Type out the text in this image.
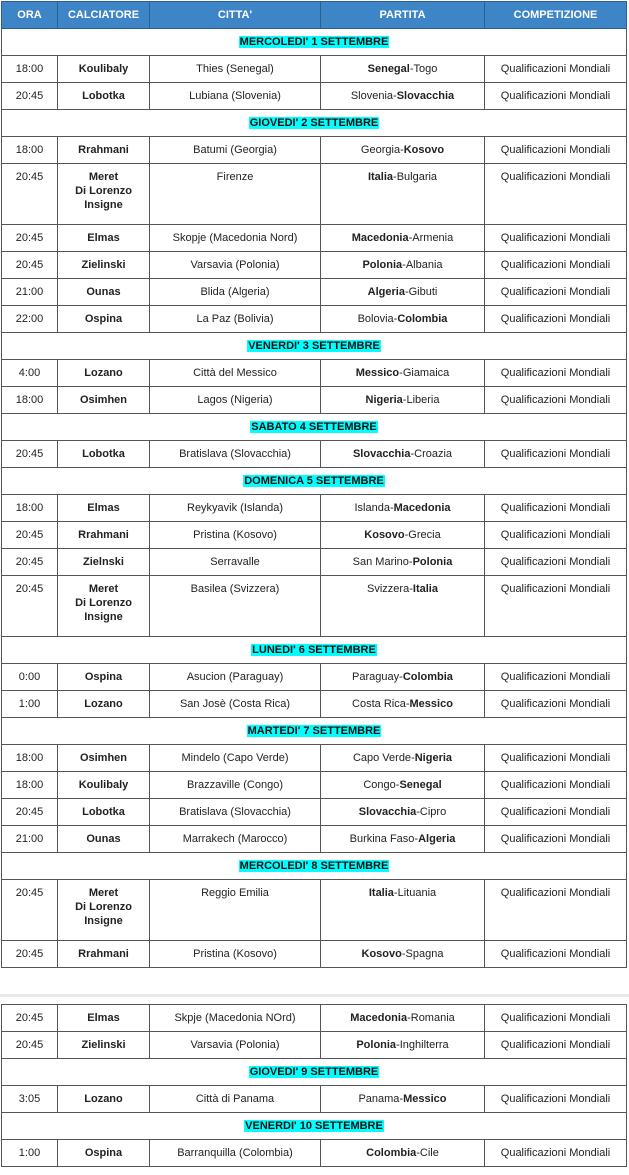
ORA	CALCIATORE	CITTA'	PARTITA	COMPETIZIONE
MERCOLEDI' 1 SETTEMBRE				
18:00	Koulibaly	Thies (Senegal)	Senegal-Togo	Qualificazioni Mondiali
20:45	Lobotka	Lubiana (Slovenia)	Slovenia-Slovacchia	Qualificazioni Mondiali
GIOVEDI' 2 SETTEMBRE				
18:00	Rrahmani	Batumi (Georgia)	Georgia-Kosovo	Qualificazioni Mondiali
20:45	Meret
Di Lorenzo
Insigne	Firenze	Italia-Bulgaria	Qualificazioni Mondiali
20:45	Elmas	Skopje (Macedonia Nord)	Macedonia-Armenia	Qualificazioni Mondiali
20:45	Zielinski	Varsavia (Polonia)	Polonia-Albania	Qualificazioni Mondiali
21:00	Ounas	Blida (Algeria)	Algeria-Gibuti	Qualificazioni Mondiali
22:00	Ospina	La Paz (Bolivia)	Bolovia-Colombia	Qualificazioni Mondiali
VENERDI' 3 SETTEMBRE				
4:00	Lozano	Città del Messico	Messico-Giamaica	Qualificazioni Mondiali
18:00	Osimhen	Lagos (Nigeria)	Nigeria-Liberia	Qualificazioni Mondiali
SABATO 4 SETTEMBRE				
20:45	Lobotka	Bratislava (Slovacchia)	Slovacchia-Croazia	Qualificazioni Mondiali
DOMENICA 5 SETTEMBRE				
18:00	Elmas	Reykyavik (Islanda)	Islanda-Macedonia	Qualificazioni Mondiali
20:45	Rrahmani	Pristina (Kosovo)	Kosovo-Grecia	Qualificazioni Mondiali
20:45	Zielnski	Serravalle	San Marino-Polonia	Qualificazioni Mondiali
20:45	Meret
Di Lorenzo
Insigne	Basilea (Svizzera)	Svizzera-Italia	Qualificazioni Mondiali
LUNEDI' 6 SETTEMBRE				
0:00	Ospina	Asucion (Paraguay)	Paraguay-Colombia	Qualificazioni Mondiali
1:00	Lozano	San Josè (Costa Rica)	Costa Rica-Messico	Qualificazioni Mondiali
MARTEDI' 7 SETTEMBRE				
18:00	Osimhen	Mindelo (Capo Verde)	Capo Verde-Nigeria	Qualificazioni Mondiali
18:00	Koulibaly	Brazzaville (Congo)	Congo-Senegal	Qualificazioni Mondiali
20:45	Lobotka	Bratislava (Slovacchia)	Slovacchia-Cipro	Qualificazioni Mondiali
21:00	Ounas	Marrakech (Marocco)	Burkina Faso-Algeria	Qualificazioni Mondiali
MERCOLEDI' 8 SETTEMBRE				
20:45	Meret
Di Lorenzo
Insigne	Reggio Emilia	Italia-Lituania	Qualificazioni Mondiali
20:45	Rrahmani	Pristina (Kosovo)	Kosovo-Spagna	Qualificazioni Mondiali
20:45	Elmas	Skpje (Macedonia NOrd)	Macedonia-Romania	Qualificazioni Mondiali
20:45	Zielinski	Varsavia (Polonia)	Polonia-Inghilterra	Qualificazioni Mondiali
GIOVEDI' 9 SETTEMBRE				
3:05	Lozano	Città di Panama	Panama-Messico	Qualificazioni Mondiali
VENERDI' 10 SETTEMBRE				
1:00	Ospina	Barranquilla (Colombia)	Colombia-Cile	Qualificazioni Mondiali
